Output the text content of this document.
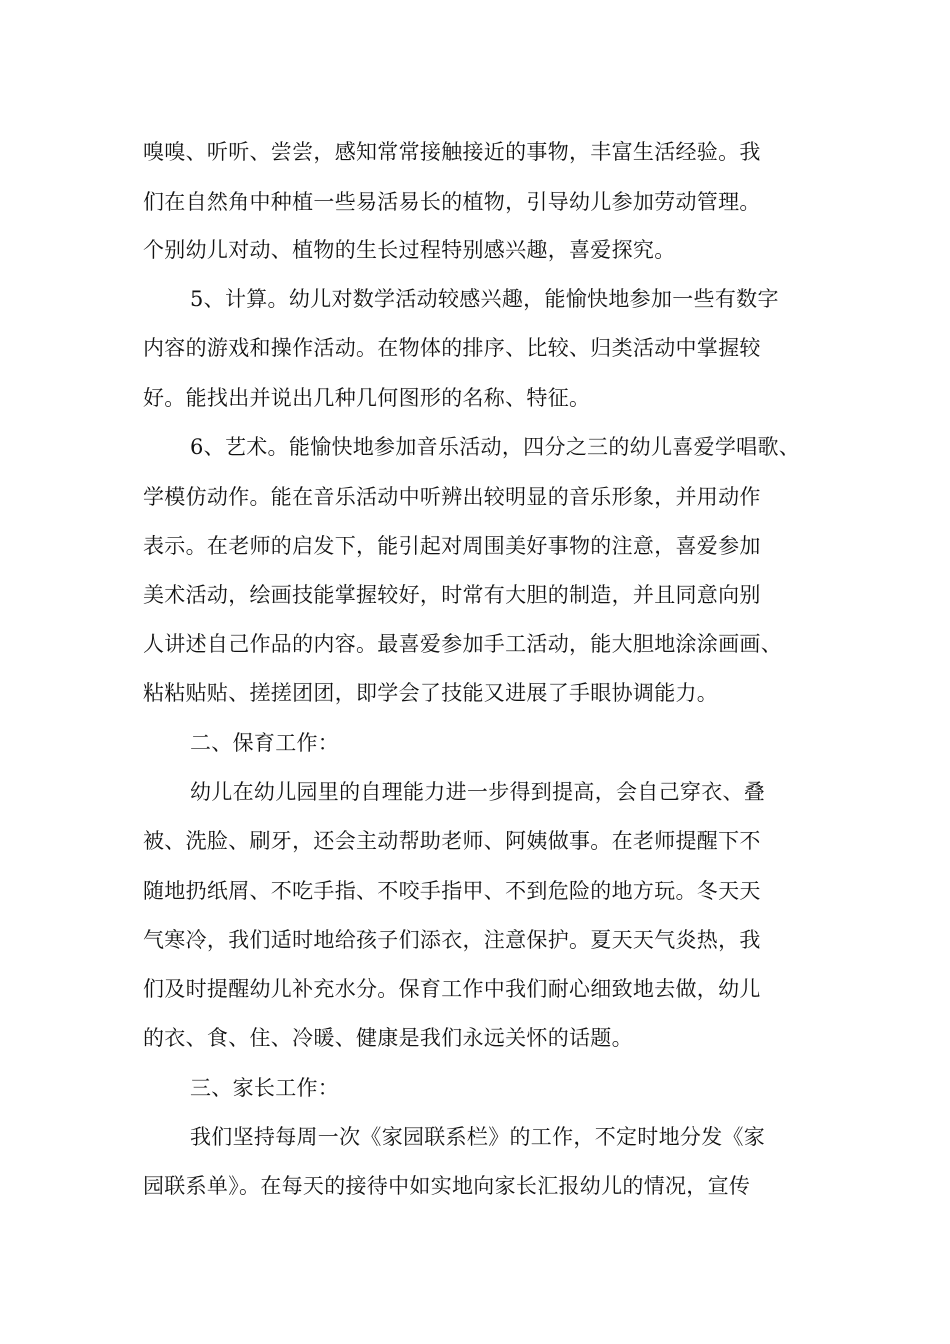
嗅嗅、听听、尝尝，感知常常接触接近的事物，丰富生活经验。我
们在自然角中种植一些易活易长的植物，引导幼儿参加劳动管理。
个别幼儿对动、植物的生长过程特别感兴趣，喜爱探究。
5、计算。幼儿对数学活动较感兴趣，能愉快地参加一些有数字
内容的游戏和操作活动。在物体的排序、比较、归类活动中掌握较
好。能找出并说出几种几何图形的名称、特征。
6、艺术。能愉快地参加音乐活动，四分之三的幼儿喜爱学唱歌、
学模仿动作。能在音乐活动中听辨出较明显的音乐形象，并用动作
表示。在老师的启发下，能引起对周围美好事物的注意，喜爱参加
美术活动，绘画技能掌握较好，时常有大胆的制造，并且同意向别
人讲述自己作品的内容。最喜爱参加手工活动，能大胆地涂涂画画、
粘粘贴贴、搓搓团团，即学会了技能又进展了手眼协调能力。
二、保育工作：
幼儿在幼儿园里的自理能力进一步得到提高，会自己穿衣、叠
被、洗脸、刷牙，还会主动帮助老师、阿姨做事。在老师提醒下不
随地扔纸屑、不吃手指、不咬手指甲、不到危险的地方玩。冬天天
气寒冷，我们适时地给孩子们添衣，注意保护。夏天天气炎热，我
们及时提醒幼儿补充水分。保育工作中我们耐心细致地去做，幼儿
的衣、食、住、冷暖、健康是我们永远关怀的话题。
三、家长工作：
我们坚持每周一次《家园联系栏》的工作，不定时地分发《家
园联系单》。在每天的接待中如实地向家长汇报幼儿的情况，宣传
